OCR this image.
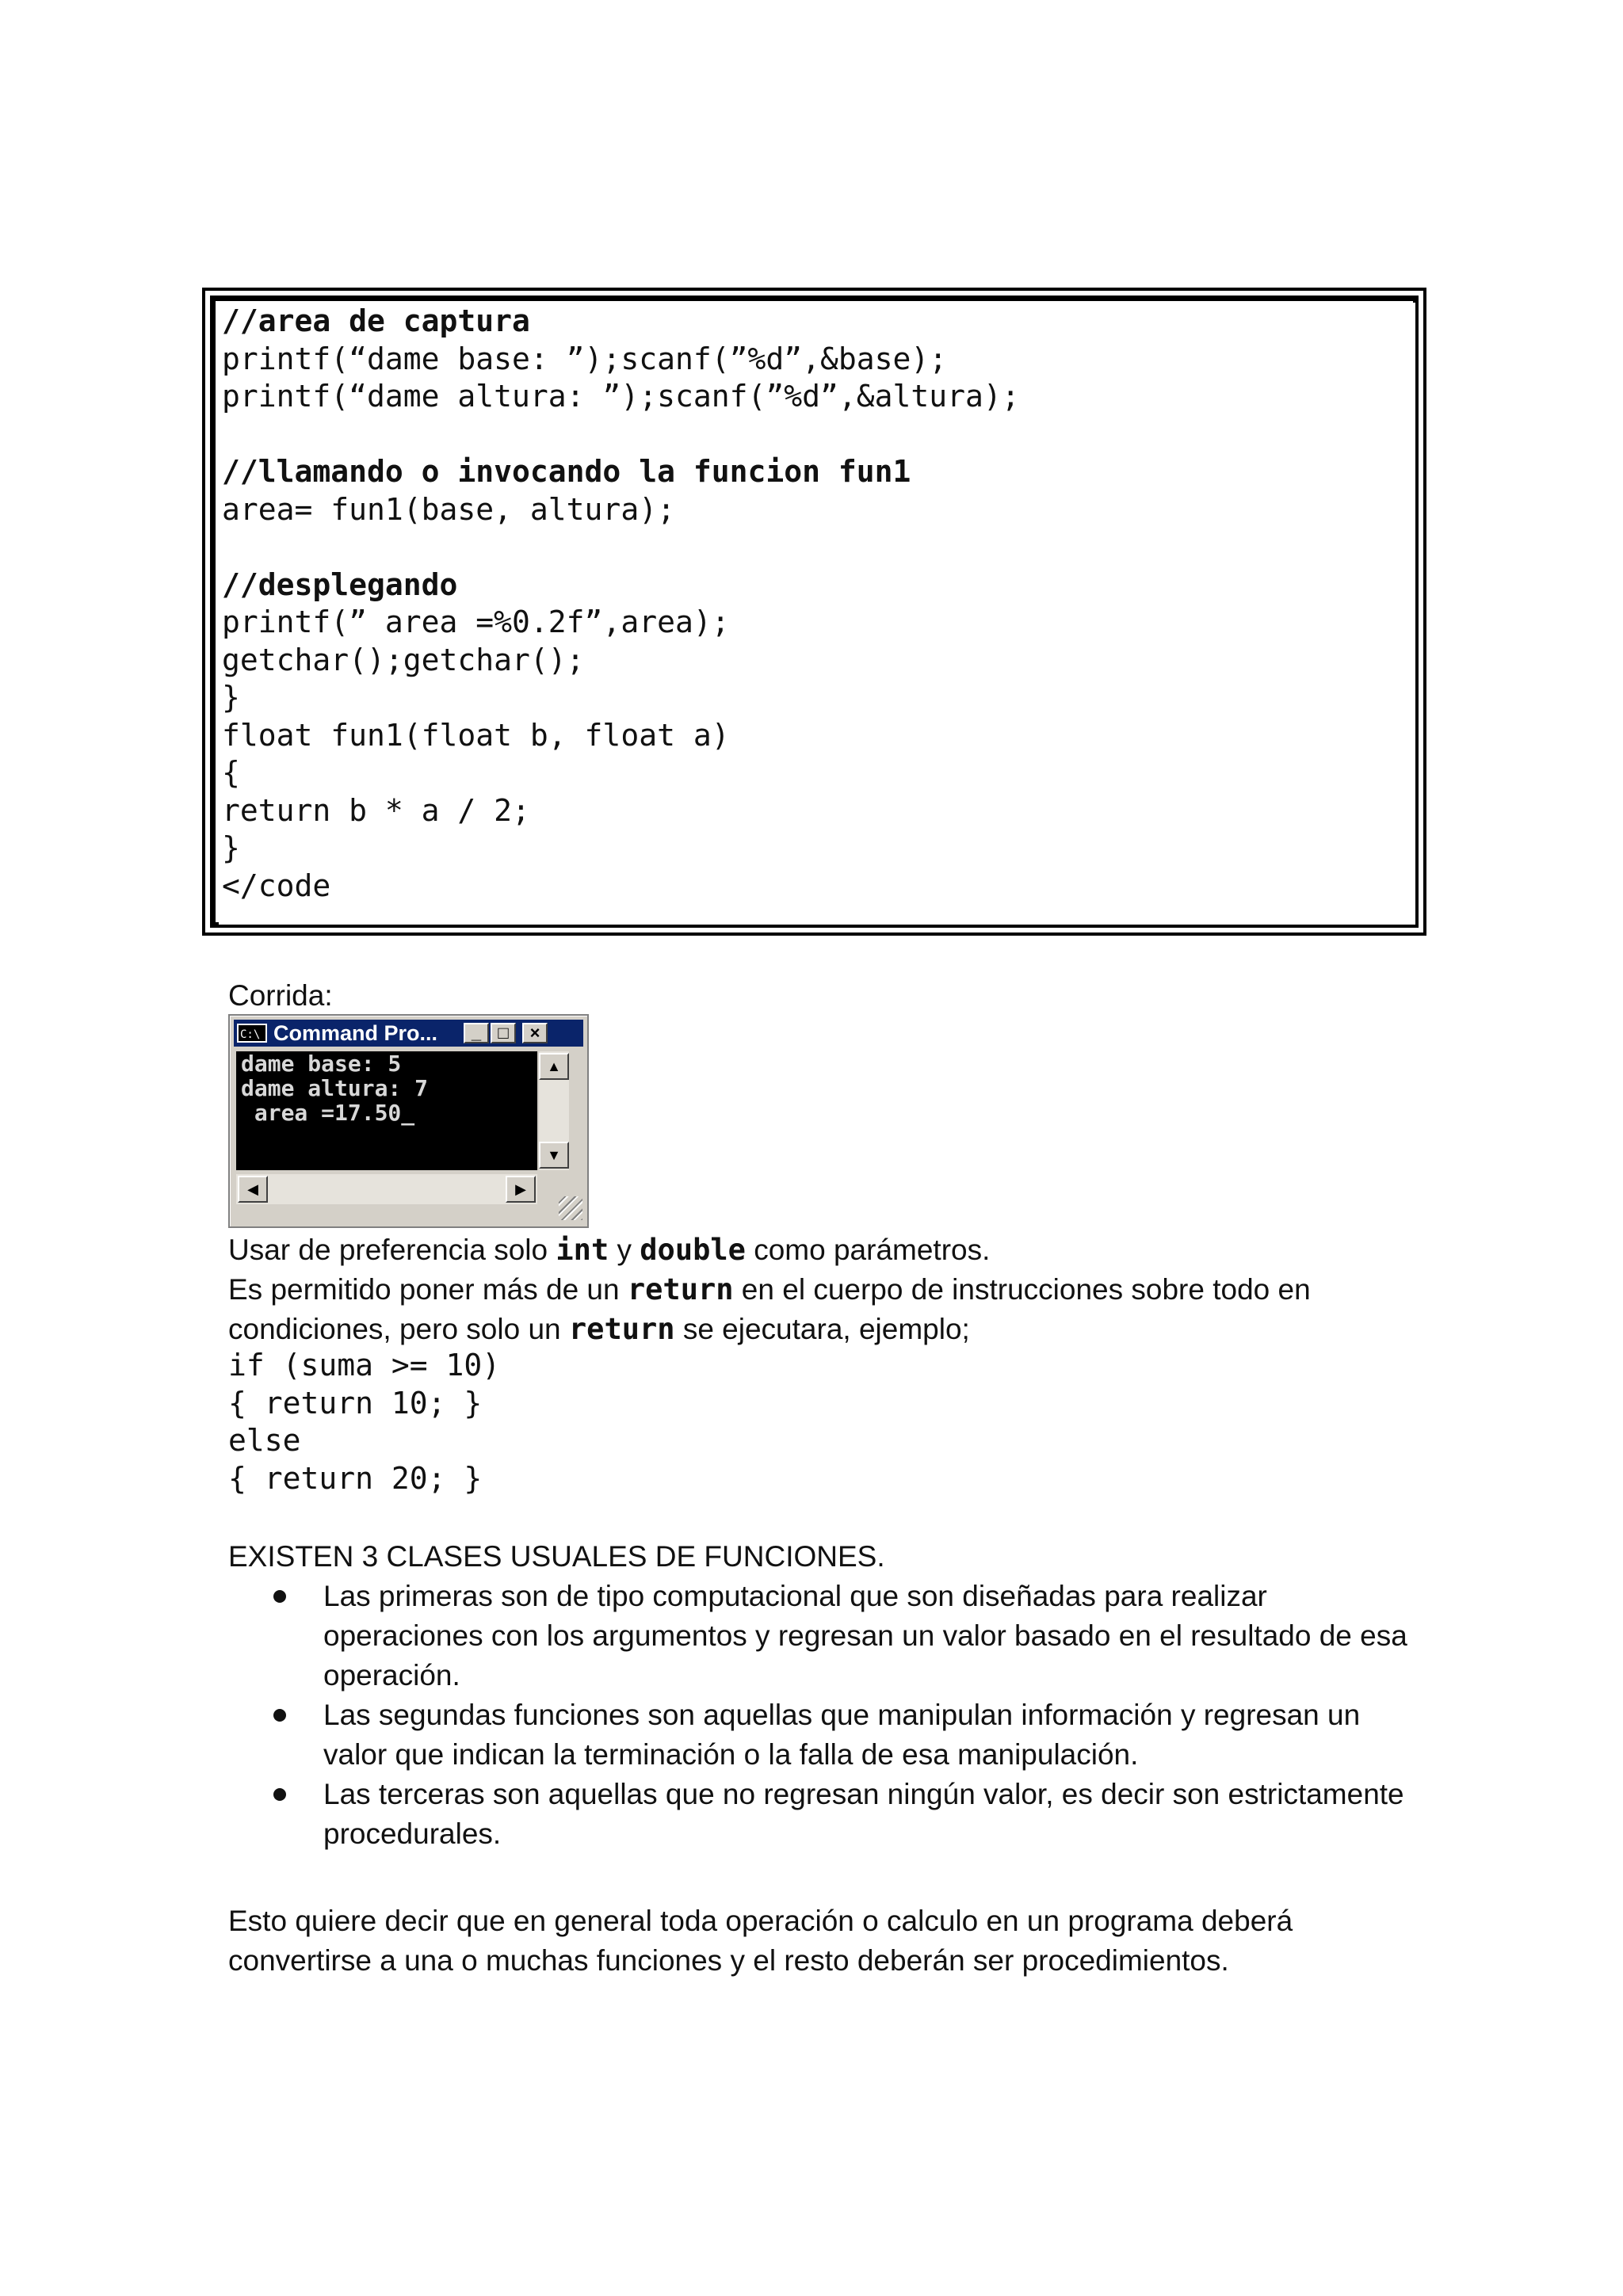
//area de captura
printf(“dame base: ”);scanf(”%d”,&base);
printf(“dame altura: ”);scanf(”%d”,&altura);
//llamando o invocando la funcion fun1
area= fun1(base, altura);
//desplegando
printf(” area =%0.2f”,area);
getchar();getchar();
}
float fun1(float b, float a)
{
return b * a / 2;
}
</code
Corrida:
C:\ Command Pro...	_ □	×
dame base: 5
dame altura: 7
area =17.50_
▲
▼
◀	▶
Usar de preferencia solo int y double como parámetros.
Es permitido poner más de un return en el cuerpo de instrucciones sobre todo en
condiciones, pero solo un return se ejecutara, ejemplo;
if (suma >= 10)
{ return 10; }
else
{ return 20; }
EXISTEN 3 CLASES USUALES DE FUNCIONES.
Las primeras son de tipo computacional que son diseñadas para realizar
operaciones con los argumentos y regresan un valor basado en el resultado de esa
operación.
Las segundas funciones son aquellas que manipulan información y regresan un
valor que indican la terminación o la falla de esa manipulación.
Las terceras son aquellas que no regresan ningún valor, es decir son estrictamente
procedurales.
Esto quiere decir que en general toda operación o calculo en un programa deberá
convertirse a una o muchas funciones y el resto deberán ser procedimientos.
